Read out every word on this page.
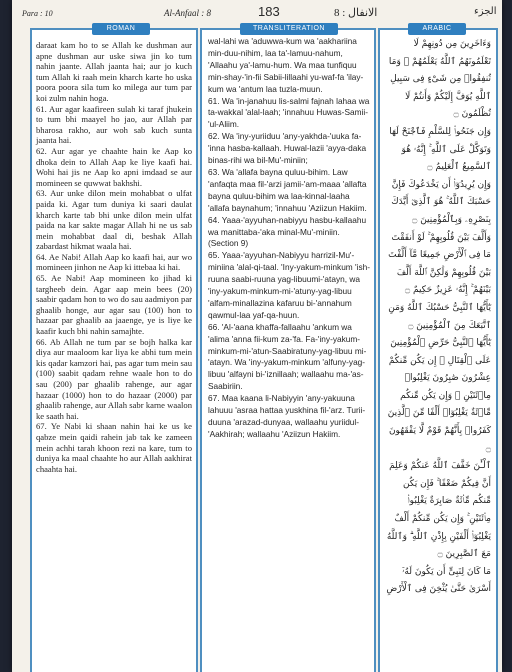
Para : 10	Al-Anfaal : 8	183	الانفال : 8	الجزء
ROMAN
daraat kam ho to se Allah ke dushman aur apne dushman aur uske siwa jin ko tum nahin jaante. Allah jaanta hai; aur jo kuch tum Allah ki raah mein kharch karte ho uska poora poora sila tum ko milega aur tum par koi zulm nahin hoga.
61. Aur agar kaafireen sulah ki taraf jhukein to tum bhi maayel ho jao, aur Allah par bharosa rakho, aur woh sab kuch sunta jaanta hai.
62. Aur agar ye chaahte hain ke Aap ko dhoka dein to Allah Aap ke liye kaafi hai. Wohi hai jis ne Aap ko apni imdaad se aur momineen se quwwat bakhshi.
63. Aur unke dilon mein mohabbat o ulfat paida ki. Agar tum duniya ki saari daulat kharch karte tab bhi unke dilon mein ulfat paida na kar sakte magar Allah hi ne us sab mein mohabbat daal di, beshak Allah zabardast hikmat waala hai.
64. Ae Nabi! Allah Aap ko kaafi hai, aur wo momineen jinhon ne Aap ki ittebaa ki hai.
65. Ae Nabi! Aap momineen ko jihad ki targheeb dein. Agar aap mein bees (20) saabir qadam hon to wo do sau aadmiyon par ghaalib honge, aur agar sau (100) hon to hazaar par ghaalib aa jaaenge, ye is liye ke kaafir kuch bhi nahin samajhte.
66. Ab Allah ne tum par se bojh halka kar diya aur maaloom kar liya ke abhi tum mein kis qadar kamzori hai, pas agar tum mein sau (100) saabit qadam rehne waale hon to do sau (200) par ghaalib rahenge, aur agar hazaar (1000) hon to do hazaar (2000) par ghaalib rahenge, aur Allah sabr karne waalon ke saath hai.
67. Ye Nabi ki shaan nahin hai ke us ke qabze mein qaidi rahein jab tak ke zameen mein achhi tarah khoon rezi na kare, tum to duniya ka maal chaahte ho aur Allah aakhirat chaahta hai.
TRANSLITERATION
wal-lahi wa 'aduwwa-kum wa 'aakhariina min-duu-nihim, laa ta'-lamuu-nahum, 'Allaahu ya'-lamu-hum. Wa maa tunfiquu min-shay-'in-fii Sabii-lillaahi yu-waf-fa 'ilay-kum wa 'antum laa tuzla-muun.
61. Wa 'in-janahuu lis-salmi fajnah lahaa wa ta-wakkal 'alal-laah; 'innahuu Huwas-Samii-'ul-Aliim.
62. Wa 'iny-yuriiduu 'any-yakhda-'uuka fa-'inna hasba-kallaah. Huwal-lazii 'ayya-daka binas-rihi wa bil-Mu'-miniin;
63. Wa 'allafa bayna quluu-bihim. Law 'anfaqta maa fil-'arzi jamii-'am-maaa 'allafta bayna quluu-bihim wa laa-kinnal-laaha 'allafa baynahum; 'innahuu 'Aziizun Hakiim.
64. Yaaa-'ayyuhan-nabiyyu hasbu-kallaahu wa manittaba-'aka minal-Mu'-miniin. (Section 9)
65. Yaaa-'ayyuhan-Nabiyyu harrizil-Mu'-miniina 'alal-qi-taal. 'Iny-yakum-minkum 'ish-ruuna saabi-ruuna yag-libuumi-'atayn, wa 'iny-yakum-minkum-mi-'atuny-yag-libuu 'alfam-minallazina kafaruu bi-'annahum qawmul-laa yaf-qa-huun.
66. 'Al-'aana khaffa-fallaahu 'ankum wa 'alima 'anna fii-kum za-'fa. Fa-'iny-yakum-minkum-mi-'atun-Saabiratuny-yag-libuu mi-'atayn. Wa 'iny-yakum-minkum 'alfuny-yag-libuu 'alfayni bi-'iznillaah; wallaahu ma-'as-Saabiriin.
67. Maa kaana li-Nabiyyin 'any-yakuuna lahuuu 'asraa hattaa yuskhina fil-'arz. Turii-duuna 'arazad-dunyaa, wallaahu yuriidul-'Aakhirah; wallaahu 'Aziizun Hakiim.
ARABIC
وَءَاخَرِينَ مِن دُونِهِمْ لَا تَعْلَمُونَهُمُ ٱللَّهُ يَعْلَمُهُمْ ۚ وَمَا تُنفِقُوا۟ مِن شَىْءٍ فِى سَبِيلِ ٱللَّهِ يُوَفَّ إِلَيْكُمْ وَأَنتُمْ لَا تُظْلَمُونَ ۝
وَإِن جَنَحُوا۟ لِلسَّلْمِ فَٱجْنَحْ لَهَا وَتَوَكَّلْ عَلَى ٱللَّهِ ۚ إِنَّهُۥ هُوَ ٱلسَّمِيعُ ٱلْعَلِيمُ ۝
وَإِن يُرِيدُوٓا۟ أَن يَخْدَعُوكَ فَإِنَّ حَسْبَكَ ٱللَّهُ ۚ هُوَ ٱلَّذِىٓ أَيَّدَكَ بِنَصْرِهِۦ وَبِٱلْمُؤْمِنِينَ ۝
وَأَلَّفَ بَيْنَ قُلُوبِهِمْ ۚ لَوْ أَنفَقْتَ مَا فِى ٱلْأَرْضِ جَمِيعًا مَّآ أَلَّفْتَ بَيْنَ قُلُوبِهِمْ وَلَٰكِنَّ ٱللَّهَ أَلَّفَ بَيْنَهُمْ ۚ إِنَّهُۥ عَزِيزٌ حَكِيمٌ ۝
يَٰٓأَيُّهَا ٱلنَّبِىُّ حَسْبُكَ ٱللَّهُ وَمَنِ ٱتَّبَعَكَ مِنَ ٱلْمُؤْمِنِينَ ۝
يَٰٓأَيُّهَا ٱلنَّبِىُّ حَرِّضِ ٱلْمُؤْمِنِينَ عَلَى ٱلْقِتَالِ ۚ إِن يَكُن مِّنكُمْ عِشْرُونَ صَٰبِرُونَ يَغْلِبُوا۟ مِا۟ئَتَيْنِ ۚ وَإِن يَكُن مِّنكُم مِّا۟ئَةٌ يَغْلِبُوٓا۟ أَلْفًا مِّنَ ٱلَّذِينَ كَفَرُوا۟ بِأَنَّهُمْ قَوْمٌ لَّا يَفْقَهُونَ ۝
ٱلْـَٰٔنَ خَفَّفَ ٱللَّهُ عَنكُمْ وَعَلِمَ أَنَّ فِيكُمْ ضَعْفًا ۚ فَإِن يَكُن مِّنكُم مِّا۟ئَةٌ صَابِرَةٌ يَغْلِبُوا۟ مِا۟ئَتَيْنِ ۚ وَإِن يَكُن مِّنكُمْ أَلْفٌ يَغْلِبُوٓا۟ أَلْفَيْنِ بِإِذْنِ ٱللَّهِ ۗ وَٱللَّهُ مَعَ ٱلصَّٰبِرِينَ ۝
مَا كَانَ لِنَبِىٍّ أَن يَكُونَ لَهُۥٓ أَسْرَىٰ حَتَّىٰ يُثْخِنَ فِى ٱلْأَرْضِ
